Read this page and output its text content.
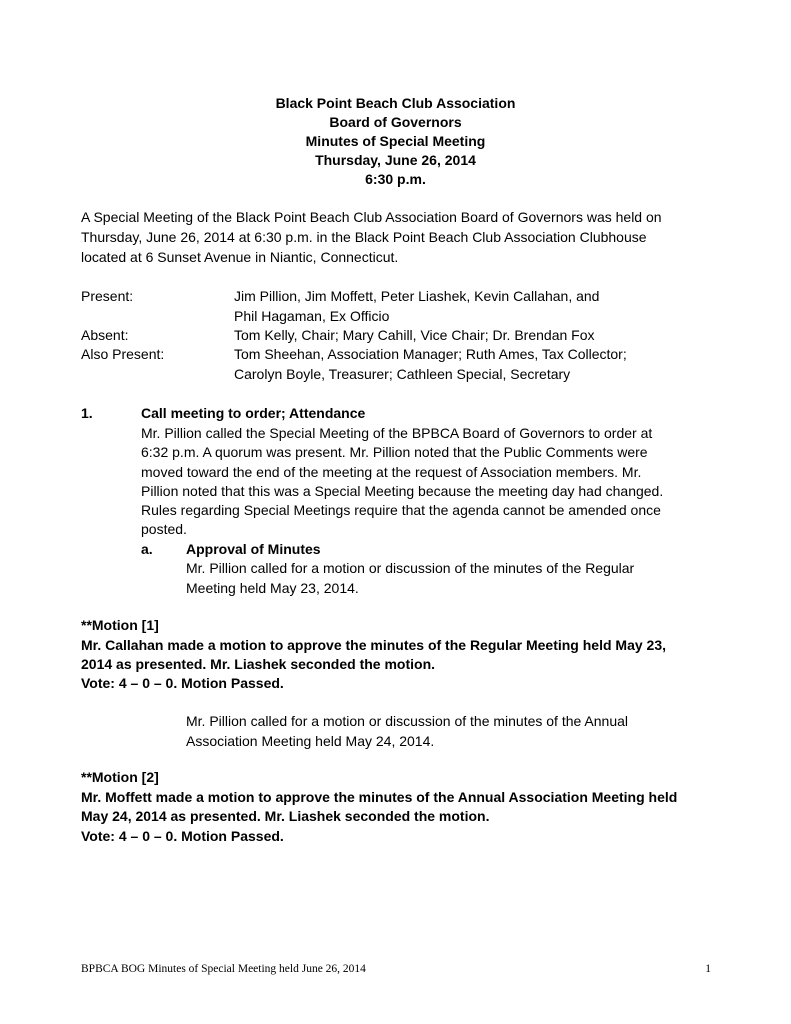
Black Point Beach Club Association
Board of Governors
Minutes of Special Meeting
Thursday, June 26, 2014
6:30 p.m.
A Special Meeting of the Black Point Beach Club Association Board of Governors was held on
Thursday, June 26, 2014 at 6:30 p.m. in the Black Point Beach Club Association Clubhouse
located at 6 Sunset Avenue in Niantic, Connecticut.
Present:	Jim Pillion, Jim Moffett, Peter Liashek, Kevin Callahan, and
Phil Hagaman, Ex Officio
Absent:	Tom Kelly, Chair; Mary Cahill, Vice Chair; Dr. Brendan Fox
Also Present:	Tom Sheehan, Association Manager; Ruth Ames, Tax Collector;
Carolyn Boyle, Treasurer; Cathleen Special, Secretary
1.	Call meeting to order; Attendance
Mr. Pillion called the Special Meeting of the BPBCA Board of Governors to order at
6:32 p.m. A quorum was present. Mr. Pillion noted that the Public Comments were
moved toward the end of the meeting at the request of Association members. Mr.
Pillion noted that this was a Special Meeting because the meeting day had changed.
Rules regarding Special Meetings require that the agenda cannot be amended once
posted.
a. Approval of Minutes
Mr. Pillion called for a motion or discussion of the minutes of the Regular
Meeting held May 23, 2014.
**Motion [1]
Mr. Callahan made a motion to approve the minutes of the Regular Meeting held May 23,
2014 as presented. Mr. Liashek seconded the motion.
Vote: 4 – 0 – 0. Motion Passed.
Mr. Pillion called for a motion or discussion of the minutes of the Annual
Association Meeting held May 24, 2014.
**Motion [2]
Mr. Moffett made a motion to approve the minutes of the Annual Association Meeting held
May 24, 2014 as presented. Mr. Liashek seconded the motion.
Vote: 4 – 0 – 0. Motion Passed.
BPBCA BOG Minutes of Special Meeting held June 26, 2014	1
